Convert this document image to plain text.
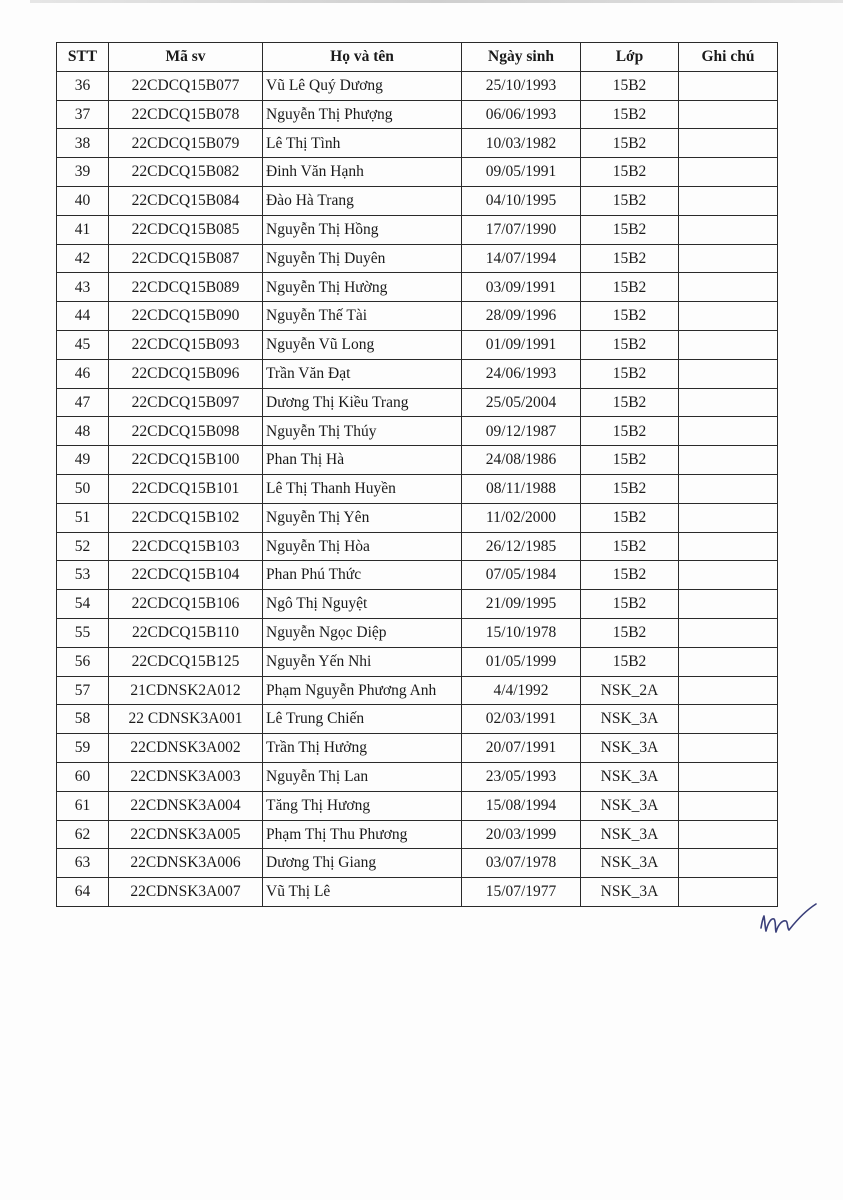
STT	Mã sv	Họ và tên	Ngày sinh	Lớp	Ghi chú
36	22CDCQ15B077	Vũ Lê Quý Dương	25/10/1993	15B2	
37	22CDCQ15B078	Nguyễn Thị Phượng	06/06/1993	15B2	
38	22CDCQ15B079	Lê Thị Tình	10/03/1982	15B2	
39	22CDCQ15B082	Đinh Văn Hạnh	09/05/1991	15B2	
40	22CDCQ15B084	Đào Hà Trang	04/10/1995	15B2	
41	22CDCQ15B085	Nguyễn Thị Hồng	17/07/1990	15B2	
42	22CDCQ15B087	Nguyễn Thị Duyên	14/07/1994	15B2	
43	22CDCQ15B089	Nguyễn Thị Hường	03/09/1991	15B2	
44	22CDCQ15B090	Nguyễn Thế Tài	28/09/1996	15B2	
45	22CDCQ15B093	Nguyễn Vũ Long	01/09/1991	15B2	
46	22CDCQ15B096	Trần Văn Đạt	24/06/1993	15B2	
47	22CDCQ15B097	Dương Thị Kiều Trang	25/05/2004	15B2	
48	22CDCQ15B098	Nguyễn Thị Thúy	09/12/1987	15B2	
49	22CDCQ15B100	Phan Thị Hà	24/08/1986	15B2	
50	22CDCQ15B101	Lê Thị Thanh Huyền	08/11/1988	15B2	
51	22CDCQ15B102	Nguyễn Thị Yên	11/02/2000	15B2	
52	22CDCQ15B103	Nguyễn Thị Hòa	26/12/1985	15B2	
53	22CDCQ15B104	Phan Phú Thức	07/05/1984	15B2	
54	22CDCQ15B106	Ngô Thị Nguyệt	21/09/1995	15B2	
55	22CDCQ15B110	Nguyễn Ngọc Diệp	15/10/1978	15B2	
56	22CDCQ15B125	Nguyễn Yến Nhi	01/05/1999	15B2	
57	21CDNSK2A012	Phạm Nguyễn Phương Anh	4/4/1992	NSK_2A	
58	22 CDNSK3A001	Lê Trung Chiến	02/03/1991	NSK_3A	
59	22CDNSK3A002	Trần Thị Hưởng	20/07/1991	NSK_3A	
60	22CDNSK3A003	Nguyễn Thị Lan	23/05/1993	NSK_3A	
61	22CDNSK3A004	Tăng Thị Hương	15/08/1994	NSK_3A	
62	22CDNSK3A005	Phạm Thị Thu Phương	20/03/1999	NSK_3A	
63	22CDNSK3A006	Dương Thị Giang	03/07/1978	NSK_3A	
64	22CDNSK3A007	Vũ Thị Lê	15/07/1977	NSK_3A	
